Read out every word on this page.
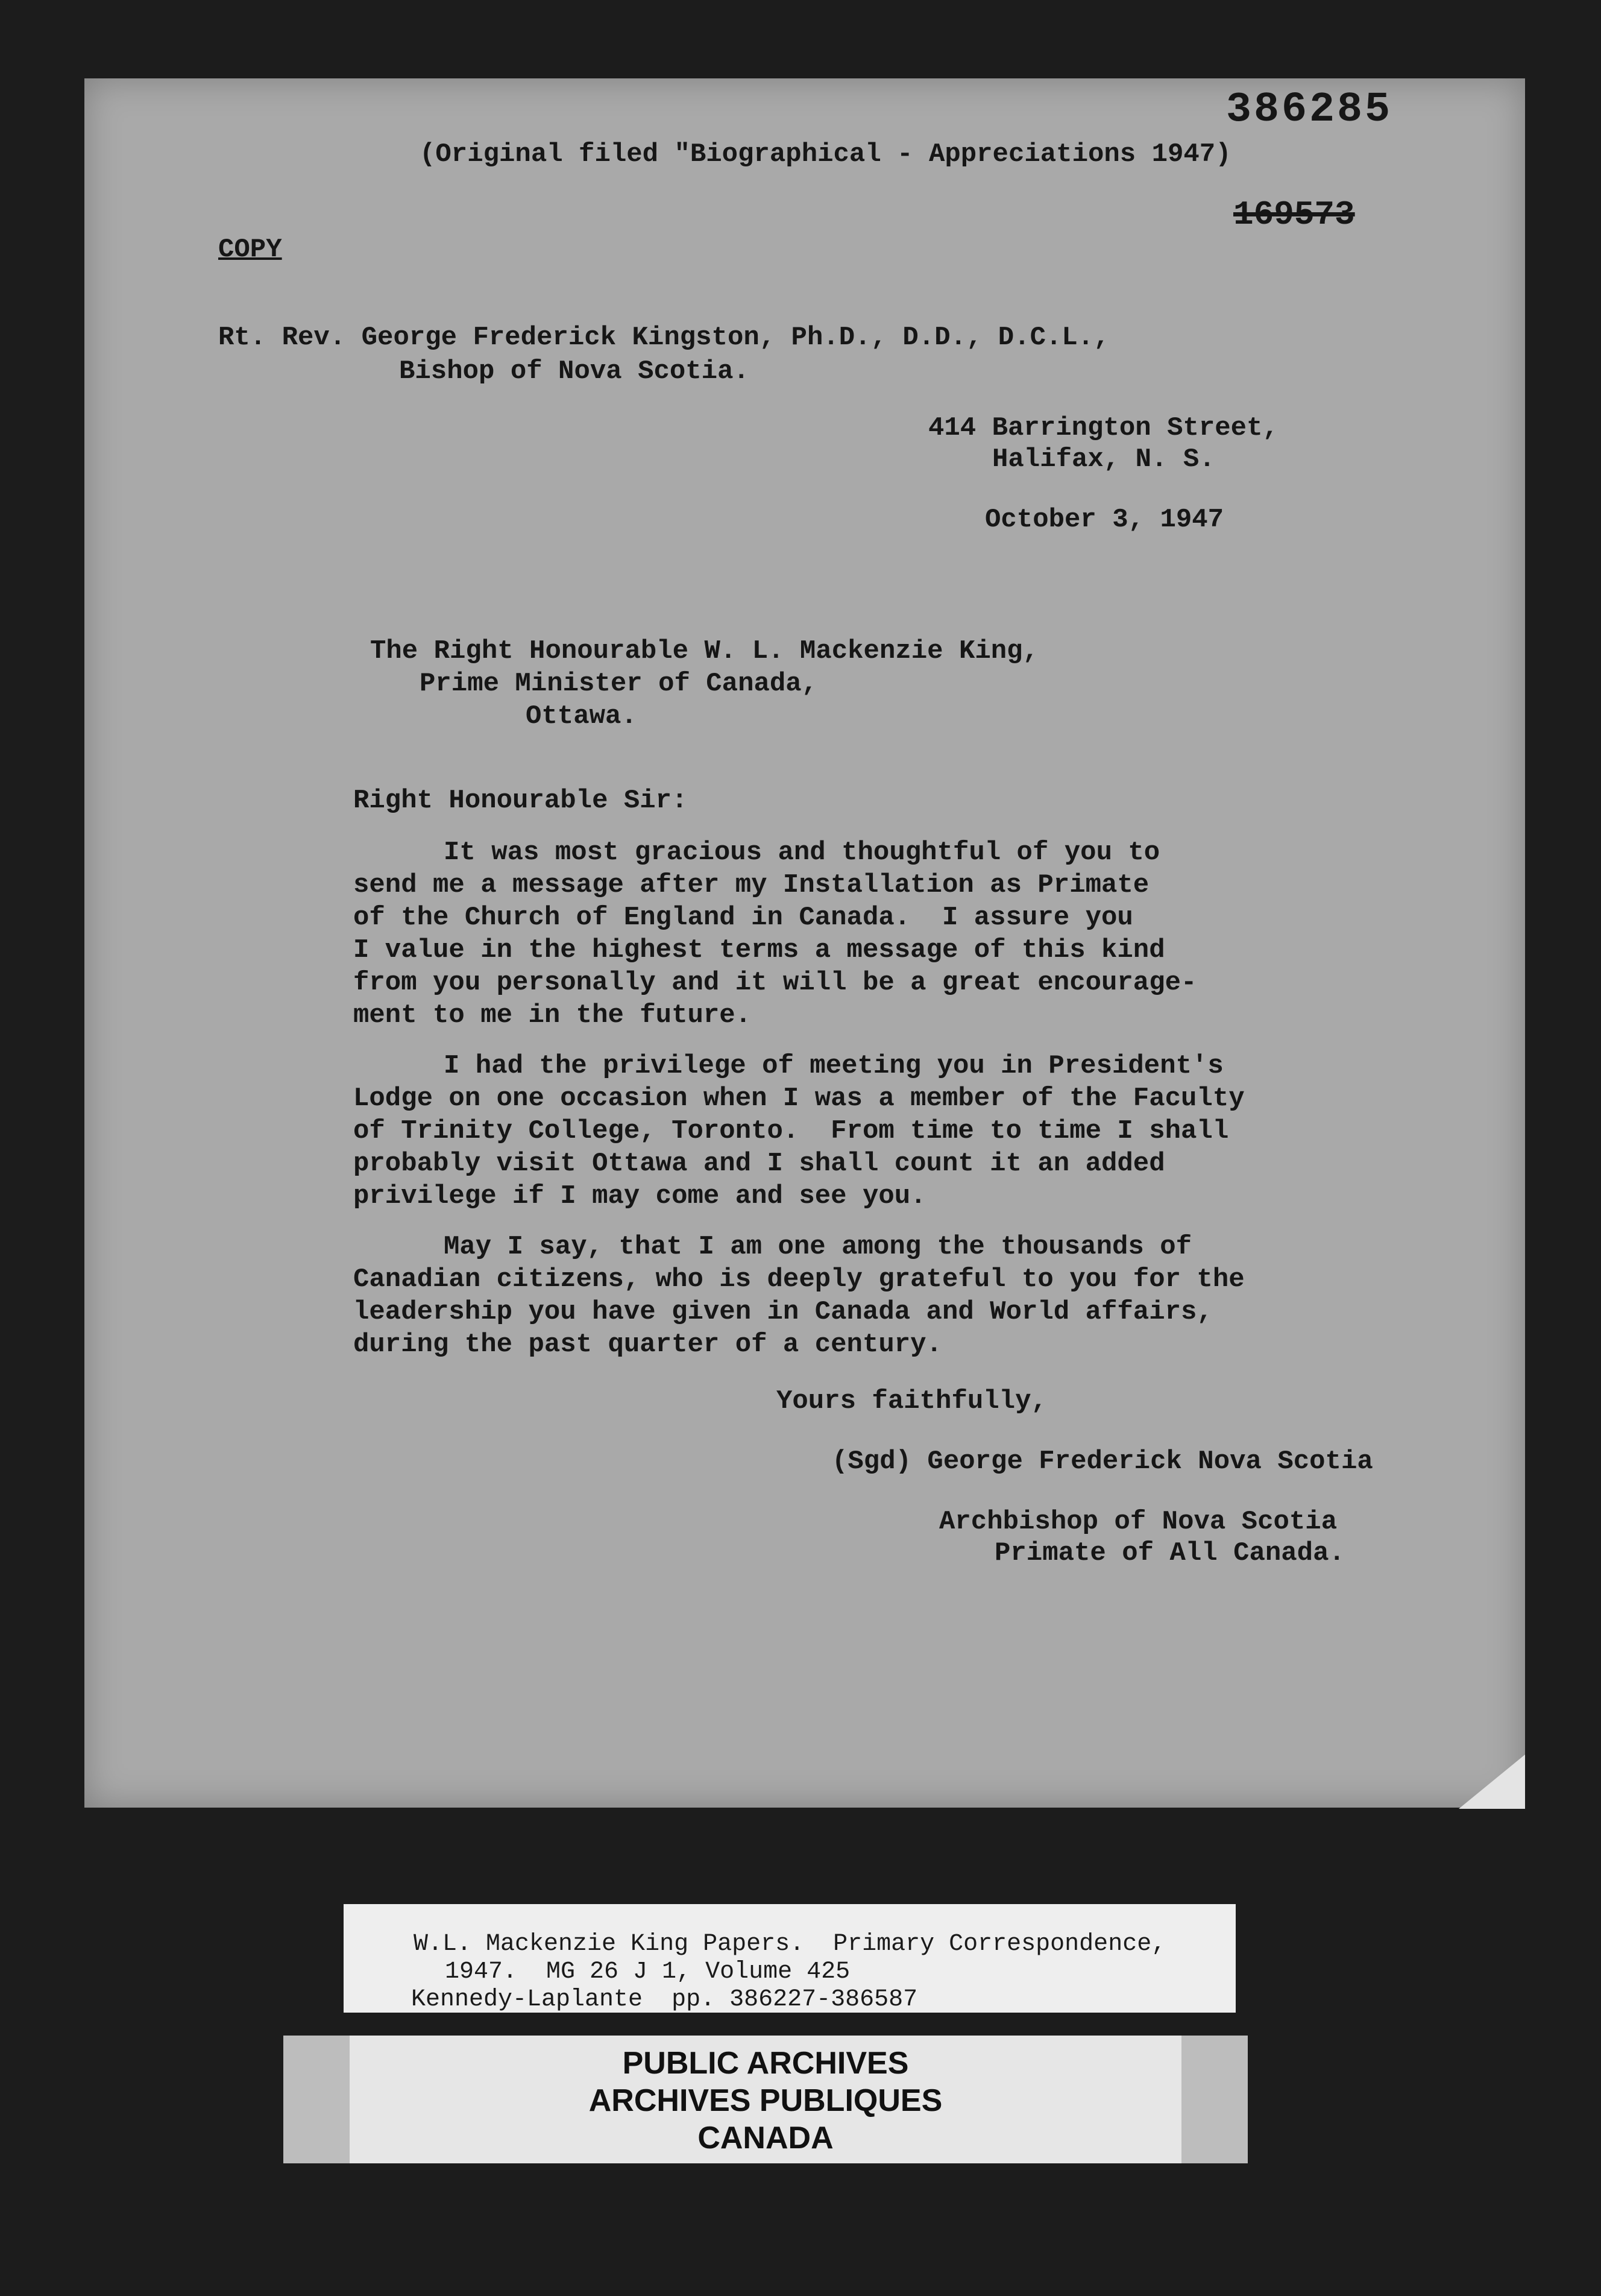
386285
(Original filed "Biographical - Appreciations 1947)
169573
COPY
Rt. Rev. George Frederick Kingston, Ph.D., D.D., D.C.L.,
Bishop of Nova Scotia.
414 Barrington Street,
Halifax, N. S.
October 3, 1947
The Right Honourable W. L. Mackenzie King,
Prime Minister of Canada,
Ottawa.
Right Honourable Sir:
It was most gracious and thoughtful of you to
send me a message after my Installation as Primate
of the Church of England in Canada.  I assure you
I value in the highest terms a message of this kind
from you personally and it will be a great encourage-
ment to me in the future.
I had the privilege of meeting you in President's
Lodge on one occasion when I was a member of the Faculty
of Trinity College, Toronto.  From time to time I shall
probably visit Ottawa and I shall count it an added
privilege if I may come and see you.
May I say, that I am one among the thousands of
Canadian citizens, who is deeply grateful to you for the
leadership you have given in Canada and World affairs,
during the past quarter of a century.
Yours faithfully,
(Sgd) George Frederick Nova Scotia
Archbishop of Nova Scotia
Primate of All Canada.
W.L. Mackenzie King Papers.  Primary Correspondence,
1947.  MG 26 J 1, Volume 425
Kennedy-Laplante  pp. 386227-386587
PUBLIC ARCHIVES
ARCHIVES PUBLIQUES
CANADA
